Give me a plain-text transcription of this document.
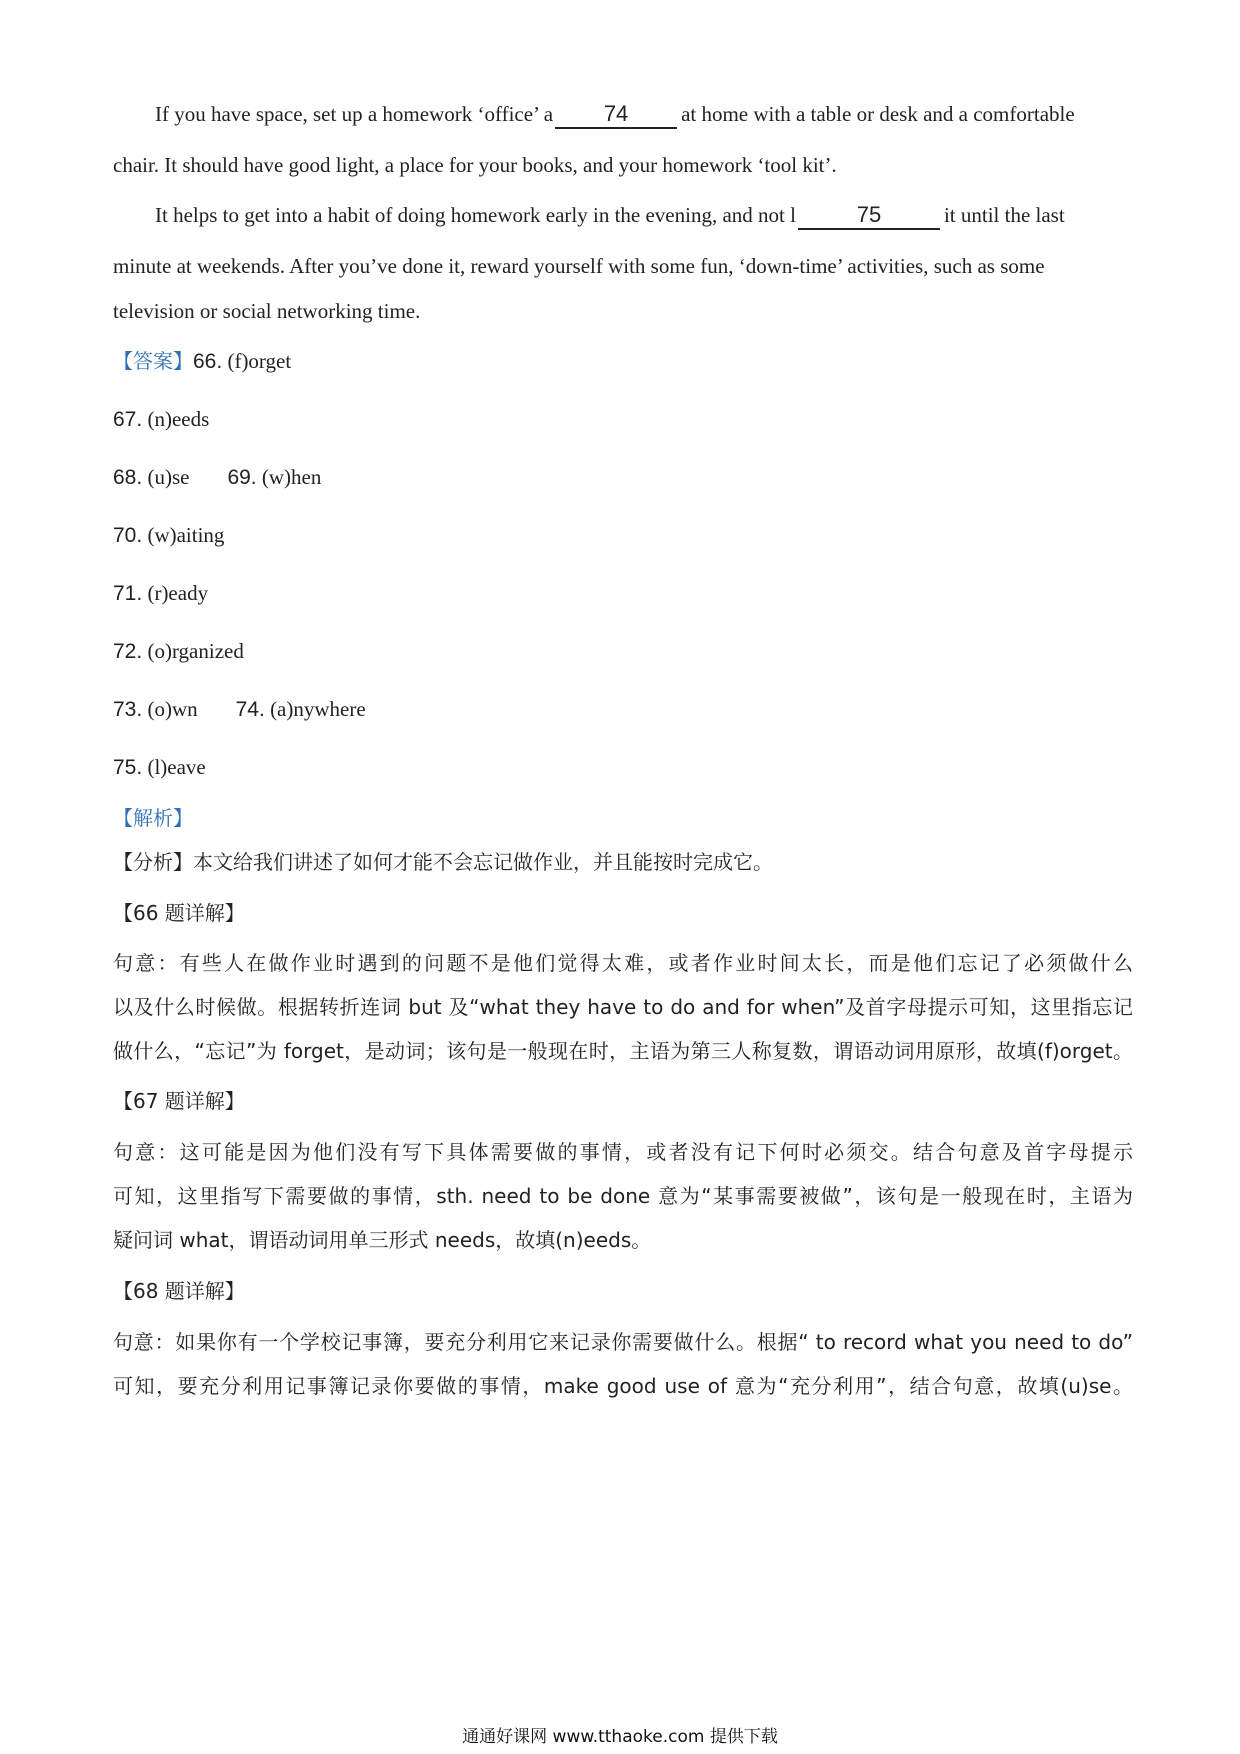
If you have space, set up a homework ‘office’ a 74	at home with a table or desk and a comfortable
chair. It should have good light, a place for your books, and your homework ‘tool kit’.
It helps to get into a habit of doing homework early in the evening, and not l	75	it until the last
minute at weekends. After you’ve done it, reward yourself with some fun, ‘down-time’ activities, such as some
television or social networking time.
【答案】66. (f)orget
67. (n)eeds
68. (u)se 69. (w)hen
70. (w)aiting
71. (r)eady
72. (o)rganized
73. (o)wn 74. (a)nywhere
75. (l)eave
【解析】
【分析】本文给我们讲述了如何才能不会忘记做作业，并且能按时完成它。
【66 题详解】
句意：有些人在做作业时遇到的问题不是他们觉得太难，或者作业时间太长，而是他们忘记了必须做什么
以及什么时候做。根据转折连词 but 及“what they have to do and for when”及首字母提示可知，这里指忘记
做什么，“忘记”为 forget，是动词；该句是一般现在时，主语为第三人称复数，谓语动词用原形，故填(f)orget。
【67 题详解】
句意：这可能是因为他们没有写下具体需要做的事情，或者没有记下何时必须交。结合句意及首字母提示
可知，这里指写下需要做的事情，sth. need to be done 意为“某事需要被做”，该句是一般现在时，主语为
疑问词 what，谓语动词用单三形式 needs，故填(n)eeds。
【68 题详解】
句意：如果你有一个学校记事簿，要充分利用它来记录你需要做什么。根据“ to record what you need to do”
可知，要充分利用记事簿记录你要做的事情，make good use of 意为“充分利用”，结合句意，故填(u)se。
通通好课网 www.tthaoke.com 提供下载
